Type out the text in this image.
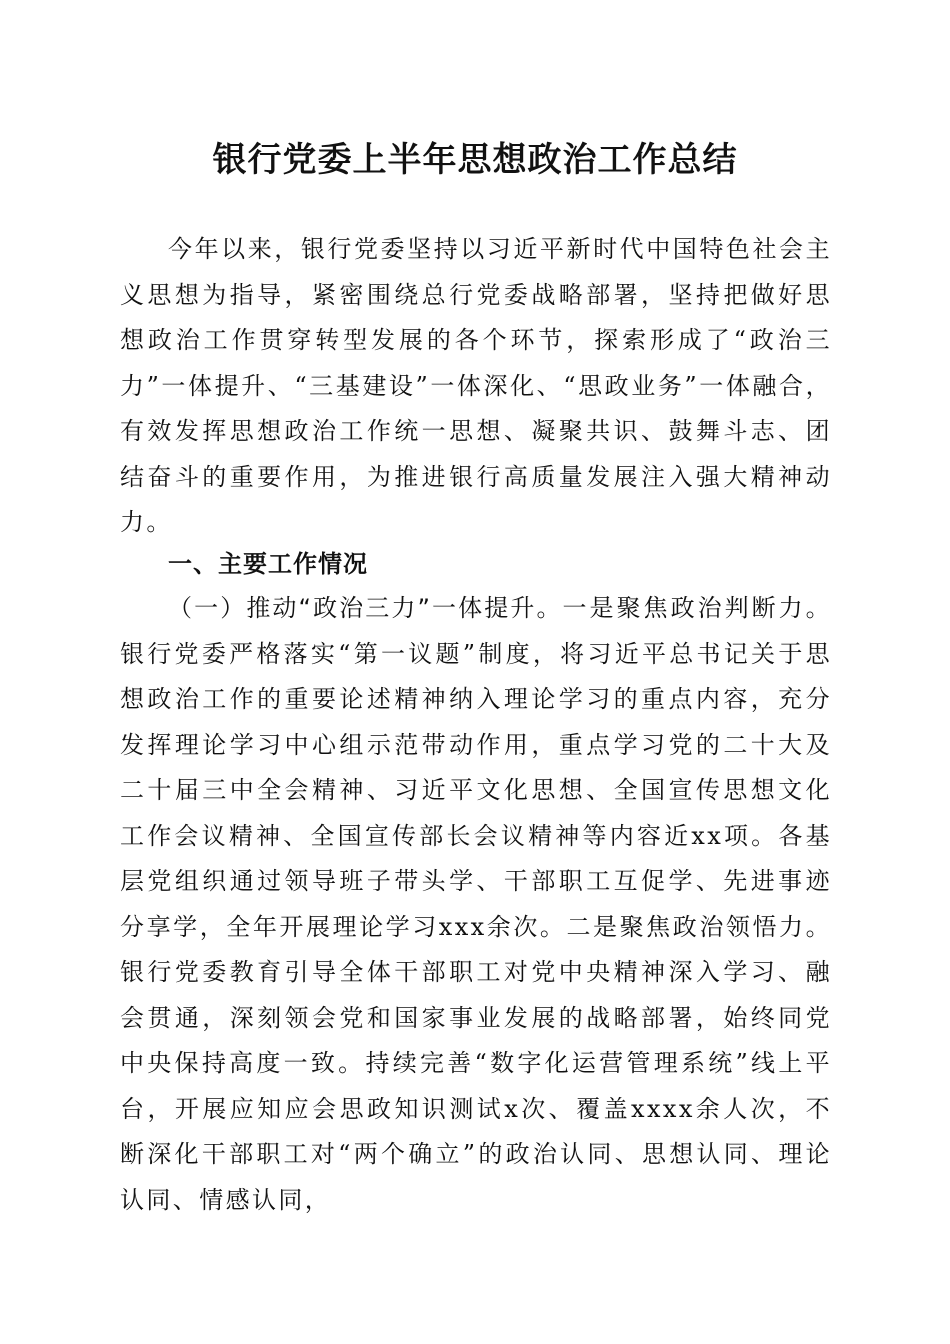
银行党委上半年思想政治工作总结

今年以来，银行党委坚持以习近平新时代中国特色社会主义思想为指导，紧密围绕总行党委战略部署，坚持把做好思想政治工作贯穿转型发展的各个环节，探索形成了“政治三力”一体提升、“三基建设”一体深化、“思政业务”一体融合，有效发挥思想政治工作统一思想、凝聚共识、鼓舞斗志、团结奋斗的重要作用，为推进银行高质量发展注入强大精神动力。

一、主要工作情况

（一）推动“政治三力”一体提升。一是聚焦政治判断力。银行党委严格落实“第一议题”制度，将习近平总书记关于思想政治工作的重要论述精神纳入理论学习的重点内容，充分发挥理论学习中心组示范带动作用，重点学习党的二十大及二十届三中全会精神、习近平文化思想、全国宣传思想文化工作会议精神、全国宣传部长会议精神等内容近xx项。各基层党组织通过领导班子带头学、干部职工互促学、先进事迹分享学，全年开展理论学习xxx余次。二是聚焦政治领悟力。银行党委教育引导全体干部职工对党中央精神深入学习、融会贯通，深刻领会党和国家事业发展的战略部署，始终同党中央保持高度一致。持续完善“数字化运营管理系统”线上平台，开展应知应会思政知识测试x次、覆盖xxxx余人次，不断深化干部职工对“两个确立”的政治认同、思想认同、理论认同、情感认同，
